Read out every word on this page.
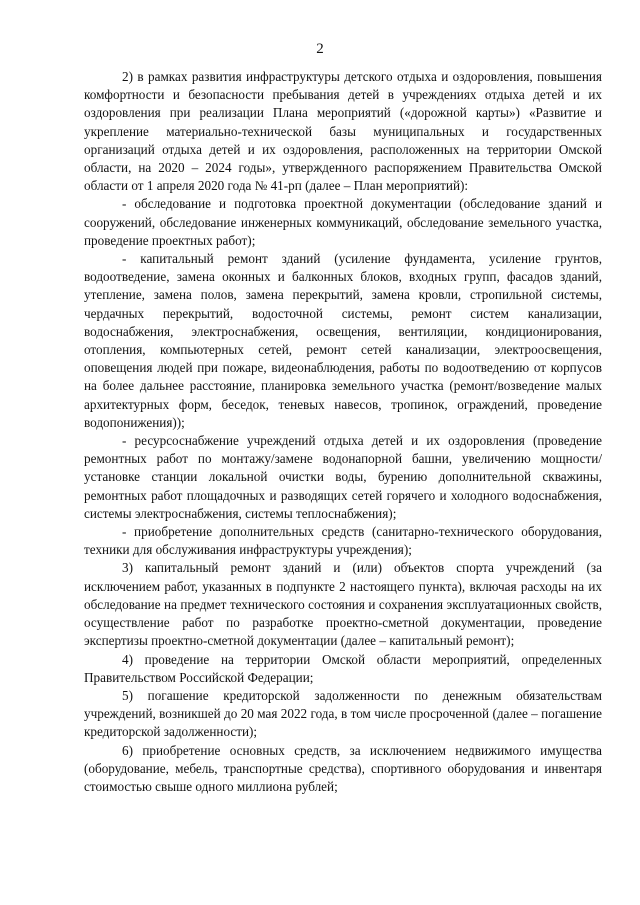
2

2) в рамках развития инфраструктуры детского отдыха и оздоровления, повышения комфортности и безопасности пребывания детей в учреждениях отдыха детей и их оздоровления при реализации Плана мероприятий («дорожной карты») «Развитие и укрепление материально-технической базы муниципальных и государственных организаций отдыха детей и их оздоровления, расположенных на территории Омской области, на 2020 – 2024 годы», утвержденного распоряжением Правительства Омской области от 1 апреля 2020 года № 41-рп (далее – План мероприятий):

- обследование и подготовка проектной документации (обследование зданий и сооружений, обследование инженерных коммуникаций, обследование земельного участка, проведение проектных работ);

- капитальный ремонт зданий (усиление фундамента, усиление грунтов, водоотведение, замена оконных и балконных блоков, входных групп, фасадов зданий, утепление, замена полов, замена перекрытий, замена кровли, стропильной системы, чердачных перекрытий, водосточной системы, ремонт систем канализации, водоснабжения, электроснабжения, освещения, вентиляции, кондиционирования, отопления, компьютерных сетей, ремонт сетей канализации, электроосвещения, оповещения людей при пожаре, видеонаблюдения, работы по водоотведению от корпусов на более дальнее расстояние, планировка земельного участка (ремонт/возведение малых архитектурных форм, беседок, теневых навесов, тропинок, ограждений, проведение водопонижения));

- ресурсоснабжение учреждений отдыха детей и их оздоровления (проведение ремонтных работ по монтажу/замене водонапорной башни, увеличению мощности/установке станции локальной очистки воды, бурению дополнительной скважины, ремонтных работ площадочных и разводящих сетей горячего и холодного водоснабжения, системы электроснабжения, системы теплоснабжения);

- приобретение дополнительных средств (санитарно-технического оборудования, техники для обслуживания инфраструктуры учреждения);

3) капитальный ремонт зданий и (или) объектов спорта учреждений (за исключением работ, указанных в подпункте 2 настоящего пункта), включая расходы на их обследование на предмет технического состояния и сохранения эксплуатационных свойств, осуществление работ по разработке проектно-сметной документации, проведение экспертизы проектно-сметной документации (далее – капитальный ремонт);

4) проведение на территории Омской области мероприятий, определенных Правительством Российской Федерации;

5) погашение кредиторской задолженности по денежным обязательствам учреждений, возникшей до 20 мая 2022 года, в том числе просроченной (далее – погашение кредиторской задолженности);

6) приобретение основных средств, за исключением недвижимого имущества (оборудование, мебель, транспортные средства), спортивного оборудования и инвентаря стоимостью свыше одного миллиона рублей;
